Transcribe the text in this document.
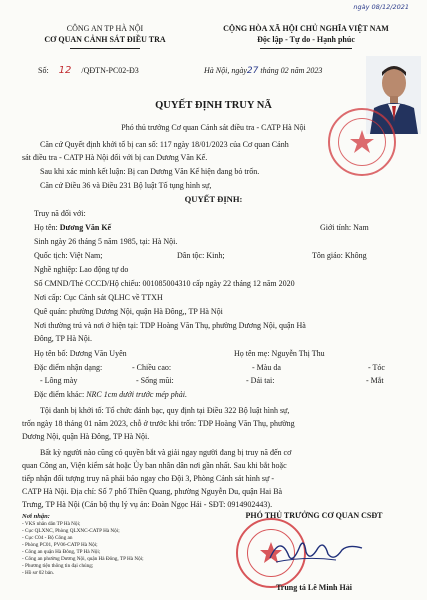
ngày 08/12/2021
CÔNG AN TP HÀ NỘI
CƠ QUAN CẢNH SÁT ĐIỀU TRA
CỘNG HÒA XÃ HỘI CHỦ NGHĨA VIỆT NAM
Độc lập - Tự do - Hạnh phúc
Số: 12 /QĐTN-PC02-Đ3	Hà Nội, ngày27 tháng 02 năm 2023
QUYẾT ĐỊNH TRUY NÃ
Phó thủ trưởng Cơ quan Cảnh sát điều tra - CATP Hà Nội
Căn cứ Quyết định khởi tố bị can số: 117 ngày 18/01/2023 của Cơ quan Cảnh
sát điều tra - CATP Hà Nội đối với bị can Dương Văn Kế.
Sau khi xác minh kết luận: Bị can Dương Văn Kế hiện đang bỏ trốn.
Căn cứ Điều 36 và Điều 231 Bộ luật Tố tụng hình sự,
QUYẾT ĐỊNH:
Truy nã đối với:
Họ tên: Dương Văn Kế	Giới tính: Nam
Sinh ngày 26 tháng 5 năm 1985, tại: Hà Nội.
Quốc tịch: Việt Nam;	Dân tộc: Kinh;	Tôn giáo: Không
Nghề nghiệp: Lao động tự do
Số CMND/Thẻ CCCD/Hộ chiếu: 001085004310 cấp ngày 22 tháng 12 năm 2020
Nơi cấp: Cục Cảnh sát QLHC về TTXH
Quê quán: phường Dương Nội, quận Hà Đông,, TP Hà Nội
Nơi thường trú và nơi ở hiện tại: TDP Hoàng Văn Thụ, phường Dương Nội, quận Hà
Đông, TP Hà Nội.
Họ tên bố: Dương Văn Uyên	Họ tên mẹ: Nguyễn Thị Thu
Đặc điểm nhận dạng:	- Chiều cao:	- Màu da	- Tóc
- Lông mày	- Sống mũi:	- Dái tai:	- Mắt
Đặc điểm khác: NRC 1cm dưới trước mép phải.
Tội danh bị khởi tố: Tổ chức đánh bạc, quy định tại Điều 322 Bộ luật hình sự,
trốn ngày 18 tháng 01 năm 2023, chỗ ở trước khi trốn: TDP Hoàng Văn Thụ, phường
Dương Nội, quận Hà Đông, TP Hà Nội.
Bất kỳ người nào cũng có quyền bắt và giải ngay người đang bị truy nã đến cơ
quan Công an, Viện kiểm sát hoặc Ủy ban nhân dân nơi gần nhất. Sau khi bắt hoặc
tiếp nhận đối tượng truy nã phải báo ngay cho Đội 3, Phòng Cảnh sát hình sự -
CATP Hà Nội. Địa chỉ: Số 7 phố Thiền Quang, phường Nguyễn Du, quận Hai Bà
Trưng, TP Hà Nội (Cán bộ thụ lý vụ án: Đoàn Ngọc Hải - SĐT: 0914902443).
Nơi nhận:
- VKS nhân dân TP Hà Nội;
- Cục QLXNC, Phòng QLXNC-CATP Hà Nội;
- Cục C04 - Bộ Công an
- Phòng PC01, PV06-CATP Hà Nội;
- Công an quận Hà Đông, TP Hà Nội;
- Công an phường Dương Nội, quận Hà Đông, TP Hà Nội;
- Phương tiện thông tin đại chúng;
- Hồ sơ 02 bản.
PHÓ THỦ TRƯỞNG CƠ QUAN CSĐT
Trung tá Lê Minh Hải
